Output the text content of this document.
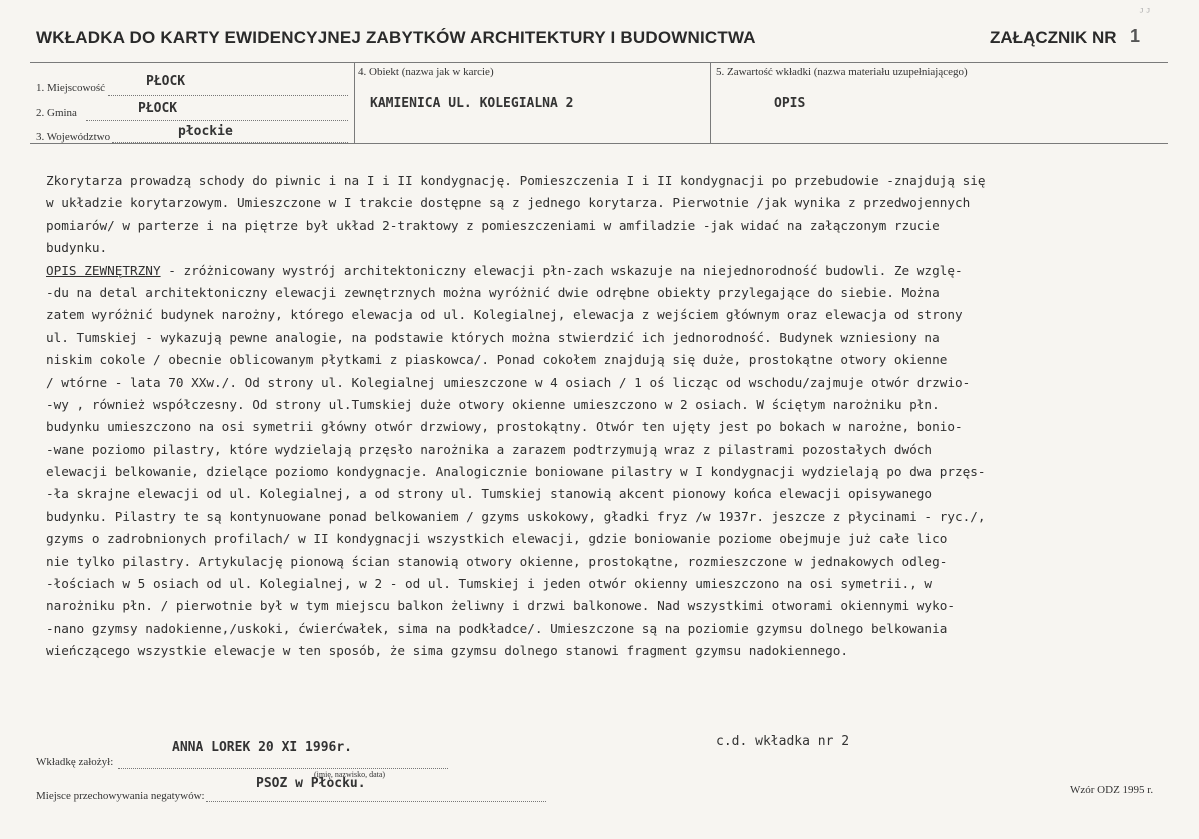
ᴶᴶ
WKŁADKA DO KARTY EWIDENCYJNEJ ZABYTKÓW ARCHITEKTURY I BUDOWNICTWA	ZAŁĄCZNIK NR 1
1. Miejscowość	PŁOCK
2. Gmina	PŁOCK
3. Województwo	płockie
4. Obiekt (nazwa jak w karcie)
KAMIENICA UL. KOLEGIALNA 2
5. Zawartość wkładki (nazwa materiału uzupełniającego)
OPIS
Zkorytarza prowadzą schody do piwnic i na I i II kondygnację. Pomieszczenia I i II kondygnacji po przebudowie -znajdują się
w układzie korytarzowym. Umieszczone w I trakcie dostępne są z jednego korytarza. Pierwotnie /jak wynika z przedwojennych
pomiarów/ w parterze i na piętrze był układ 2-traktowy z pomieszczeniami w amfiladzie -jak widać na załączonym rzucie
budynku.
OPIS ZEWNĘTRZNY - zróżnicowany wystrój architektoniczny elewacji płn-zach wskazuje na niejednorodność budowli. Ze wzglę-
-du na detal architektoniczny elewacji zewnętrznych można wyróżnić dwie odrębne obiekty przylegające do siebie. Można
zatem wyróżnić budynek narożny, którego elewacja od ul. Kolegialnej, elewacja z wejściem głównym oraz elewacja od strony
ul. Tumskiej - wykazują pewne analogie, na podstawie których można stwierdzić ich jednorodność. Budynek wzniesiony na
niskim cokole / obecnie oblicowanym płytkami z piaskowca/. Ponad cokołem znajdują się duże, prostokątne otwory okienne
/ wtórne - lata 70 XXw./. Od strony ul. Kolegialnej umieszczone w 4 osiach / 1 oś licząc od wschodu/zajmuje otwór drzwio-
-wy , również współczesny. Od strony ul.Tumskiej duże otwory okienne umieszczono w 2 osiach. W ściętym narożniku płn.
budynku umieszczono na osi symetrii główny otwór drzwiowy, prostokątny. Otwór ten ujęty jest po bokach w narożne, bonio-
-wane poziomo pilastry, które wydzielają przęsło narożnika a zarazem podtrzymują wraz z pilastrami pozostałych dwóch
elewacji belkowanie, dzielące poziomo kondygnacje. Analogicznie boniowane pilastry w I kondygnacji wydzielają po dwa przęs-
-ła skrajne elewacji od ul. Kolegialnej, a od strony ul. Tumskiej stanowią akcent pionowy końca elewacji opisywanego
budynku. Pilastry te są kontynuowane ponad belkowaniem / gzyms uskokowy, gładki fryz /w 1937r. jeszcze z płycinami - ryc./,
gzyms o zadrobnionych profilach/ w II kondygnacji wszystkich elewacji, gdzie boniowanie poziome obejmuje już całe lico
nie tylko pilastry. Artykulację pionową ścian stanowią otwory okienne, prostokątne, rozmieszczone w jednakowych odleg-
-łościach w 5 osiach od ul. Kolegialnej, w 2 - od ul. Tumskiej i jeden otwór okienny umieszczono na osi symetrii., w
narożniku płn. / pierwotnie był w tym miejscu balkon żeliwny i drzwi balkonowe. Nad wszystkimi otworami okiennymi wyko-
-nano gzymsy nadokienne,/uskoki, ćwierćwałek, sima na podkładce/. Umieszczone są na poziomie gzymsu dolnego belkowania
wieńczącego wszystkie elewacje w ten sposób, że sima gzymsu dolnego stanowi fragment gzymsu nadokiennego.
Wkładkę założył:
ANNA LOREK 20 XI 1996r.
(imię, nazwisko, data)
c.d. wkładka nr 2
Miejsce przechowywania negatywów:
PSOZ w Płocku.	Wzór ODZ 1995 r.
